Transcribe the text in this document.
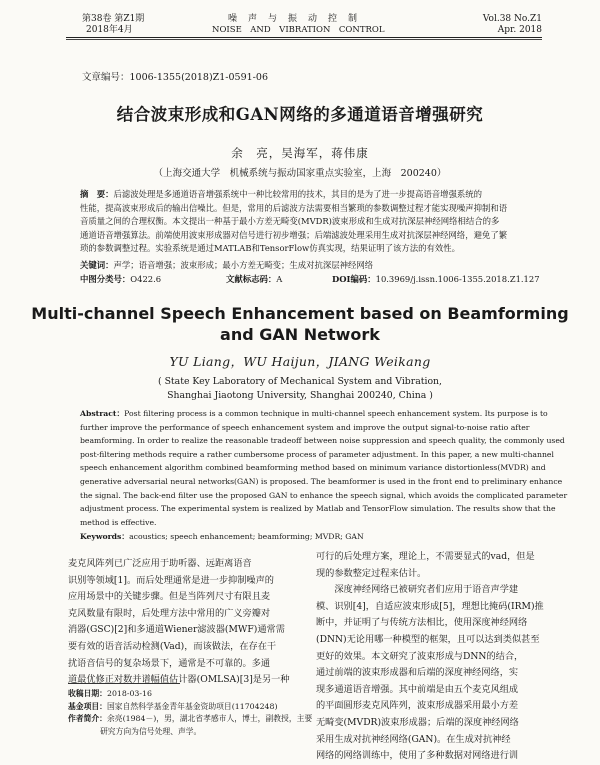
第38卷 第Z1期
2018年4月
噪　声　与　振　动　控　制
NOISE　AND　VIBRATION　CONTROL
Vol.38 No.Z1
Apr. 2018
文章编号：1006-1355(2018)Z1-0591-06
结合波束形成和GAN网络的多通道语音增强研究
余　亮，吴海军，蒋伟康
（上海交通大学　机械系统与振动国家重点实验室，上海　200240）
摘　要：后滤波处理是多通道语音增强系统中一种比较常用的技术，其目的是为了进一步提高语音增强系统的
性能，提高波束形成后的输出信噪比。但是，常用的后滤波方法需要相当繁琐的参数调整过程才能实现噪声抑制和语
音质量之间的合理权衡。本文提出一种基于最小方差无畸变(MVDR)波束形成和生成对抗深层神经网络相结合的多
通道语音增强算法。前端使用波束形成器对信号进行初步增强；后端滤波处理采用生成对抗深层神经网络，避免了繁
琐的参数调整过程。实验系统是通过MATLAB和TensorFlow仿真实现，结果证明了该方法的有效性。
关键词：声学；语音增强；波束形成；最小方差无畸变；生成对抗深层神经网络
中图分类号：O422.6	文献标志码：A	DOI编码：10.3969/j.issn.1006-1355.2018.Z1.127
Multi-channel Speech Enhancement based on Beamforming
and GAN Network
YU Liang，WU Haijun，JIANG Weikang
( State Key Laboratory of Mechanical System and Vibration,
Shanghai Jiaotong University, Shanghai 200240, China )
Abstract：Post filtering process is a common technique in multi-channel speech enhancement system. Its purpose is to
further improve the performance of speech enhancement system and improve the output signal-to-noise ratio after
beamforming. In order to realize the reasonable tradeoff between noise suppression and speech quality, the commonly used
post-filtering methods require a rather cumbersome process of parameter adjustment. In this paper, a new multi-channel
speech enhancement algorithm combined beamforming method based on minimum variance distortionless(MVDR) and
generative adversarial neural networks(GAN) is proposed. The beamformer is used in the front end to preliminary enhance
the signal. The back-end filter use the proposed GAN to enhance the speech signal, which avoids the complicated parameter
adjustment process. The experimental system is realized by Matlab and TensorFlow simulation. The results show that the
method is effective.
Keywords：acoustics; speech enhancement; beamforming; MVDR; GAN
麦克风阵列已广泛应用于助听器、远距离语音
识别等领域[1]。而后处理通常是进一步抑制噪声的
应用场景中的关键步骤。但是当阵列尺寸有限且麦
克风数量有限时，后处理方法中常用的广义旁瓣对
消器(GSC)[2]和多通道Wiener滤波器(MWF)通常需
要有效的语音活动检测(Vad)，而该做法，在存在干
扰语音信号的复杂场景下，通常是不可靠的。多通
道最优修正对数并谱幅值估计器(OMLSA)[3]是另一种
收稿日期：2018-03-16
基金项目：国家自然科学基金青年基金资助项目(11704248)
作者简介：余亮(1984－)，男，湖北省孝感市人，博士，副教授，主要
研究方向为信号处理、声学。
可行的后处理方案，理论上，不需要显式的vad，但是
现的参数整定过程来估计。
　　深度神经网络已被研究者们应用于语音声学建
模、识别[4]，自适应波束形成[5]，理想比掩码(IRM)推
断中，并证明了与传统方法相比，使用深度神经网络
(DNN)无论用哪一种模型的框架，且可以达到类似甚至
更好的效果。本文研究了波束形成与DNN的结合，
通过前端的波束形成器和后端的深度神经网络，实
现多通道语音增强。其中前端是由五个麦克风组成
的平面圆形麦克风阵列，波束形成器采用最小方差
无畸变(MVDR)波束形成器；后端的深度神经网络
采用生成对抗神经网络(GAN)。在生成对抗神经
网络的网络训练中，使用了多种数据对网络进行训
